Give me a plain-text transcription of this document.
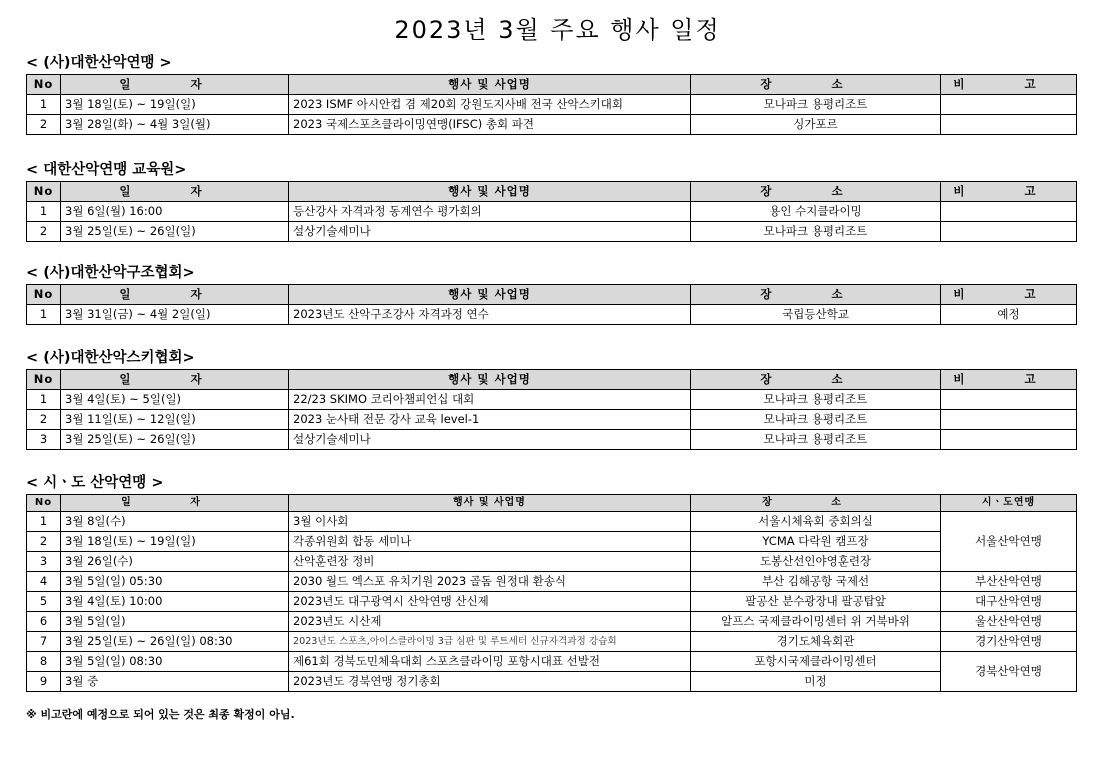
2023년 3월 주요 행사 일정
< (사)대한산악연맹 >
No	일 자	행사 및 사업명	장 소	비 고
1	3월 18일(토) ~ 19일(일)	2023 ISMF 아시안컵 겸 제20회 강원도지사배 전국 산악스키대회	모나파크 용평리조트	
2	3월 28일(화) ~ 4월 3일(월)	2023 국제스포츠클라이밍연맹(IFSC) 총회 파견	싱가포르	
< 대한산악연맹 교육원>
No	일 자	행사 및 사업명	장 소	비 고
1	3월 6일(월) 16:00	등산강사 자격과정 동계연수 평가회의	용인 수지클라이밍	
2	3월 25일(토) ~ 26일(일)	설상기술세미나	모나파크 용평리조트	
< (사)대한산악구조협회>
No	일 자	행사 및 사업명	장 소	비 고
1	3월 31일(금) ~ 4월 2일(일)	2023년도 산악구조강사 자격과정 연수	국립등산학교	예정
< (사)대한산악스키협회>
No	일 자	행사 및 사업명	장 소	비 고
1	3월 4일(토) ~ 5일(일)	22/23 SKIMO 코리아챔피언십 대회	모나파크 용평리조트	
2	3월 11일(토) ~ 12일(일)	2023 눈사태 전문 강사 교육 level-1	모나파크 용평리조트	
3	3월 25일(토) ~ 26일(일)	설상기술세미나	모나파크 용평리조트	
< 시ㆍ도 산악연맹 >
No	일 자	행사 및 사업명	장 소	시ㆍ도연맹
1	3월 8일(수)	3월 이사회	서울시체육회 중회의실	서울산악연맹
2	3월 18일(토) ~ 19일(일)	각종위원회 합동 세미나	YCMA 다락원 캠프장	
3	3월 26일(수)	산악훈련장 정비	도봉산선인야영훈련장	
4	3월 5일(일) 05:30	2030 월드 엑스포 유치기원 2023 골돔 원정대 환송식	부산 김해공항 국제선	부산산악연맹
5	3월 4일(토) 10:00	2023년도 대구광역시 산악연맹 산신제	팔공산 분수광장내 팔공탑앞	대구산악연맹
6	3월 5일(일)	2023년도 시산제	알프스 국제클라이밍센터 위 거북바위	울산산악연맹
7	3월 25일(토) ~ 26일(일) 08:30	2023년도 스포츠,아이스클라이밍 3급 심판 및 루트세터 신규자격과정 강습회	경기도체육회관	경기산악연맹
8	3월 5일(일) 08:30	제61회 경북도민체육대회 스포츠클라이밍 포항시대표 선발전	포항시국제클라이밍센터	경북산악연맹
9	3월 중	2023년도 경북연맹 정기총회	미정	
※ 비고란에 예정으로 되어 있는 것은 최종 확정이 아님.
